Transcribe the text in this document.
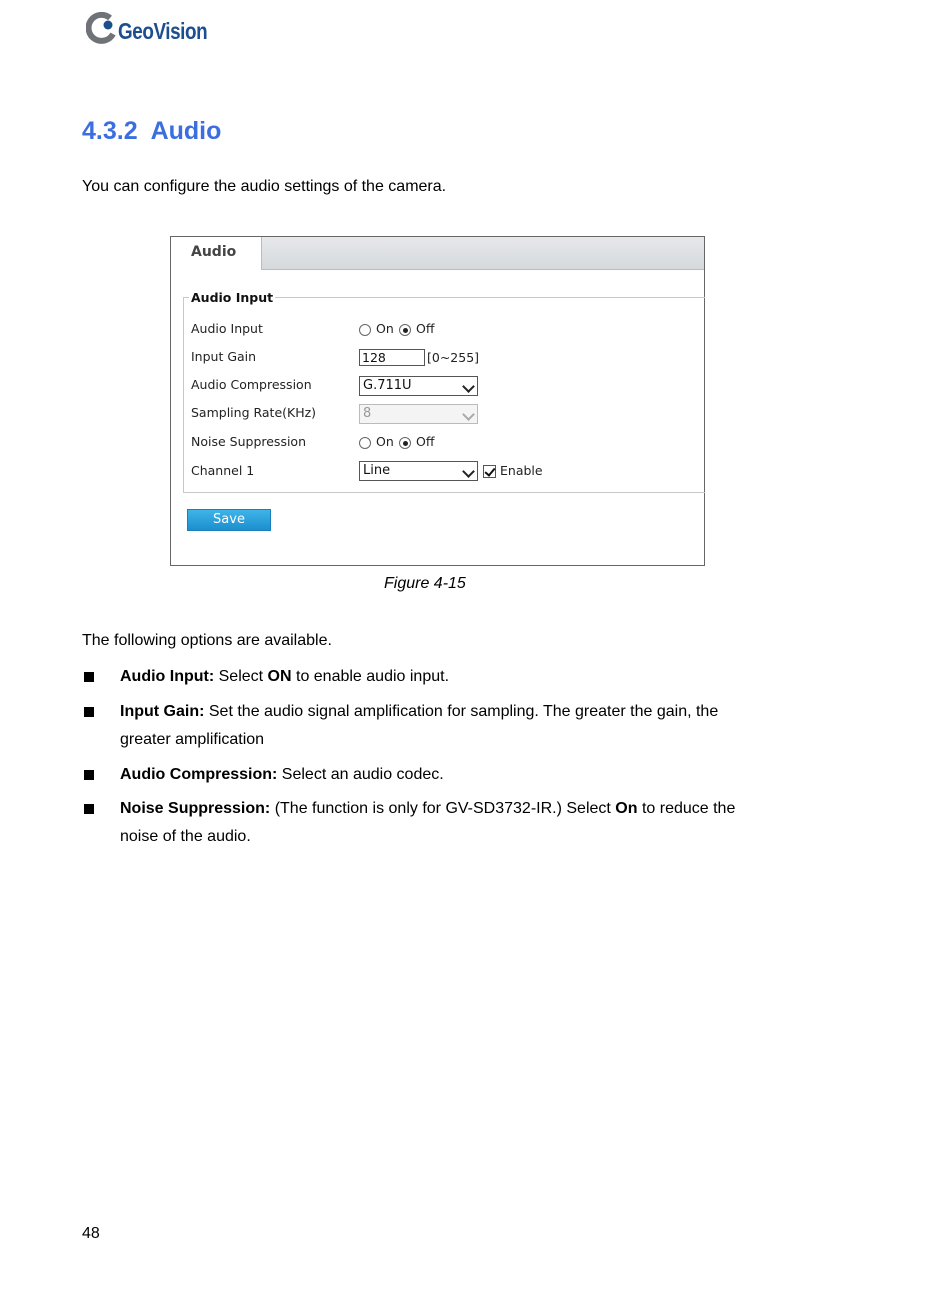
GeoVision
4.3.2  Audio
You can configure the audio settings of the camera.
Audio
Audio Input
Audio Input	On Off
Input Gain	128	[0~255]
Audio Compression	G.711U
Sampling Rate(KHz)	8
Noise Suppression	On Off
Channel 1	Line	Enable
Save
Figure 4-15
The following options are available.
Audio Input: Select ON to enable audio input.
Input Gain: Set the audio signal amplification for sampling. The greater the gain, the
greater amplification
Audio Compression: Select an audio codec.
Noise Suppression: (The function is only for GV-SD3732-IR.) Select On to reduce the
noise of the audio.
48
